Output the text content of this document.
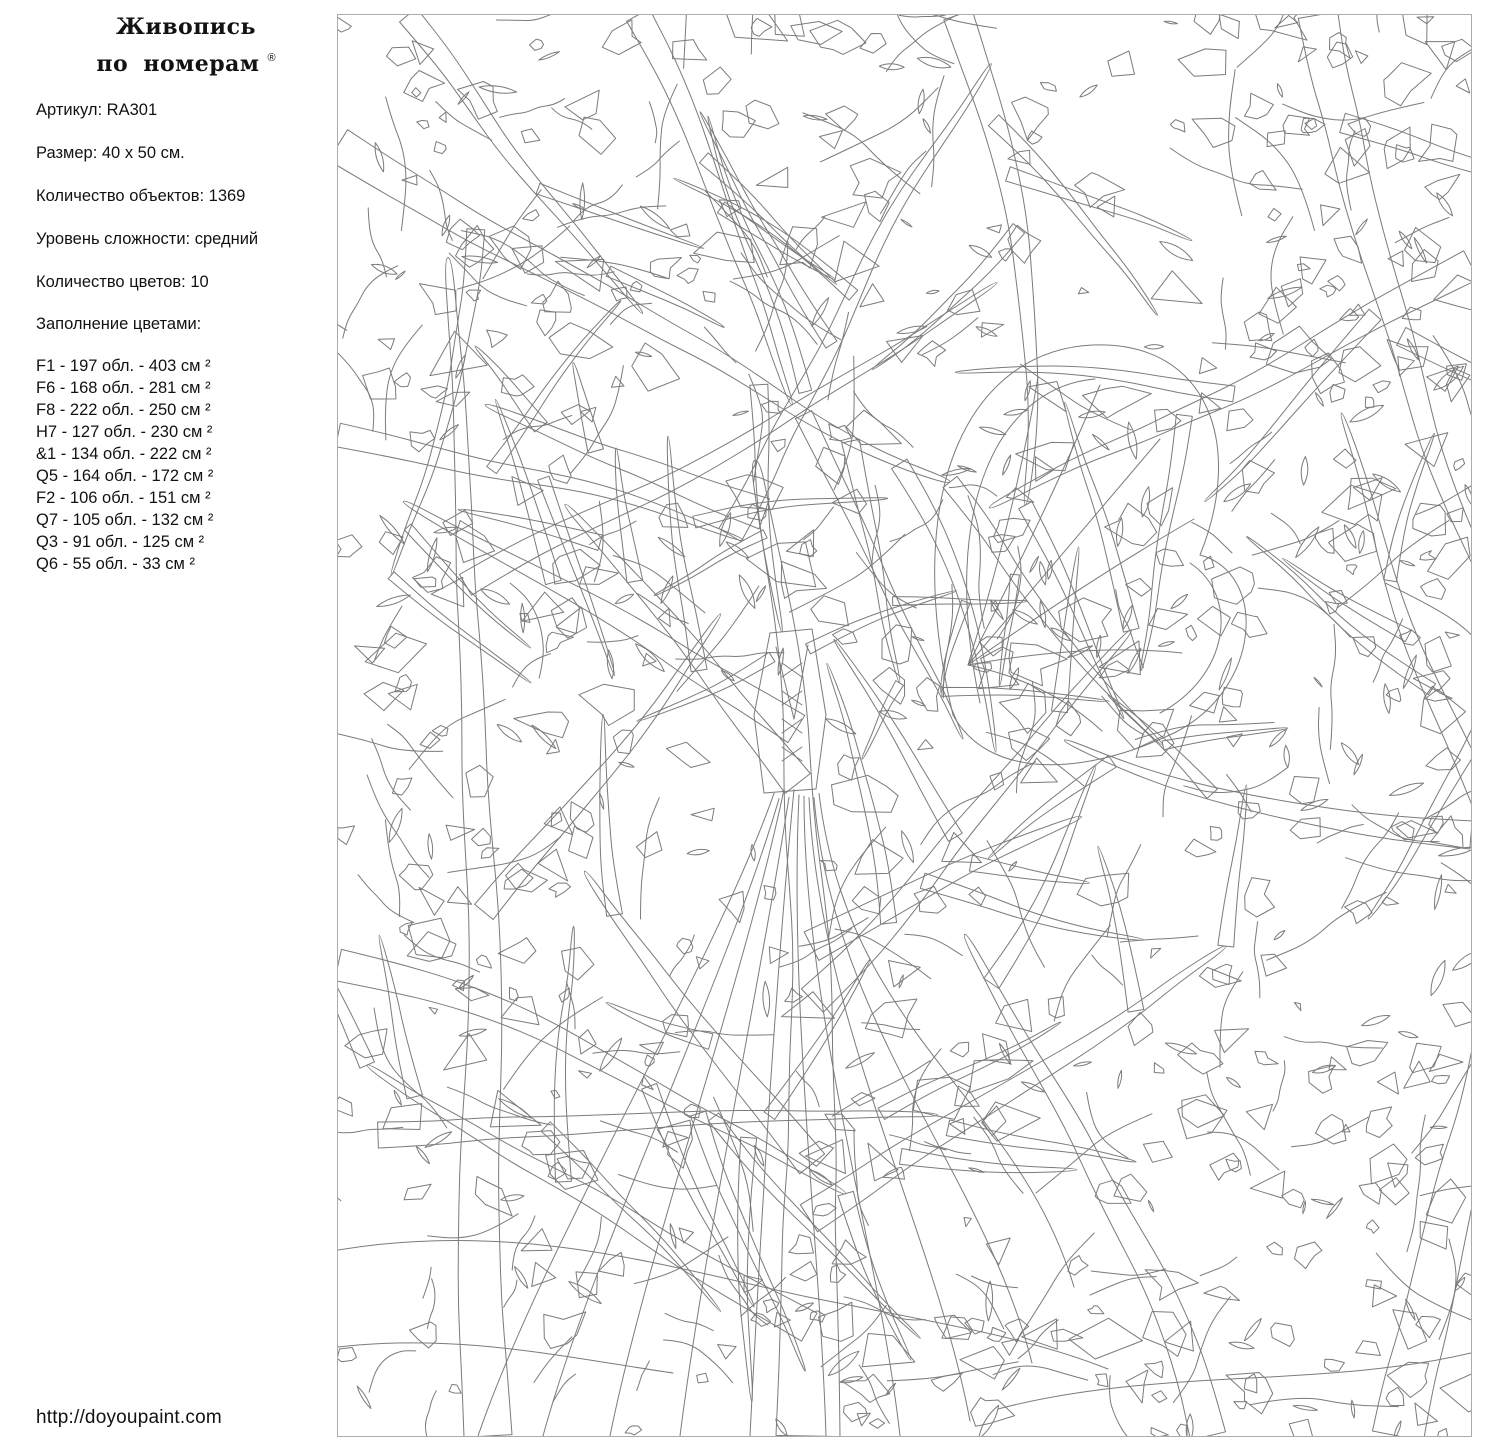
Живопись
по номерам ®
Артикул: RA301
Размер: 40 x 50 см.
Количество объектов: 1369
Уровень сложности: средний
Количество цветов: 10
Заполнение цветами:
F1 - 197 обл. - 403 см ²
F6 - 168 обл. - 281 см ²
F8 - 222 обл. - 250 см ²
H7 - 127 обл. - 230 см ²
&1 - 134 обл. - 222 см ²
Q5 - 164 обл. - 172 см ²
F2 - 106 обл. - 151 см ²
Q7 - 105 обл. - 132 см ²
Q3 - 91 обл. - 125 см ²
Q6 - 55 обл. - 33 см ²
http://doyoupaint.com
